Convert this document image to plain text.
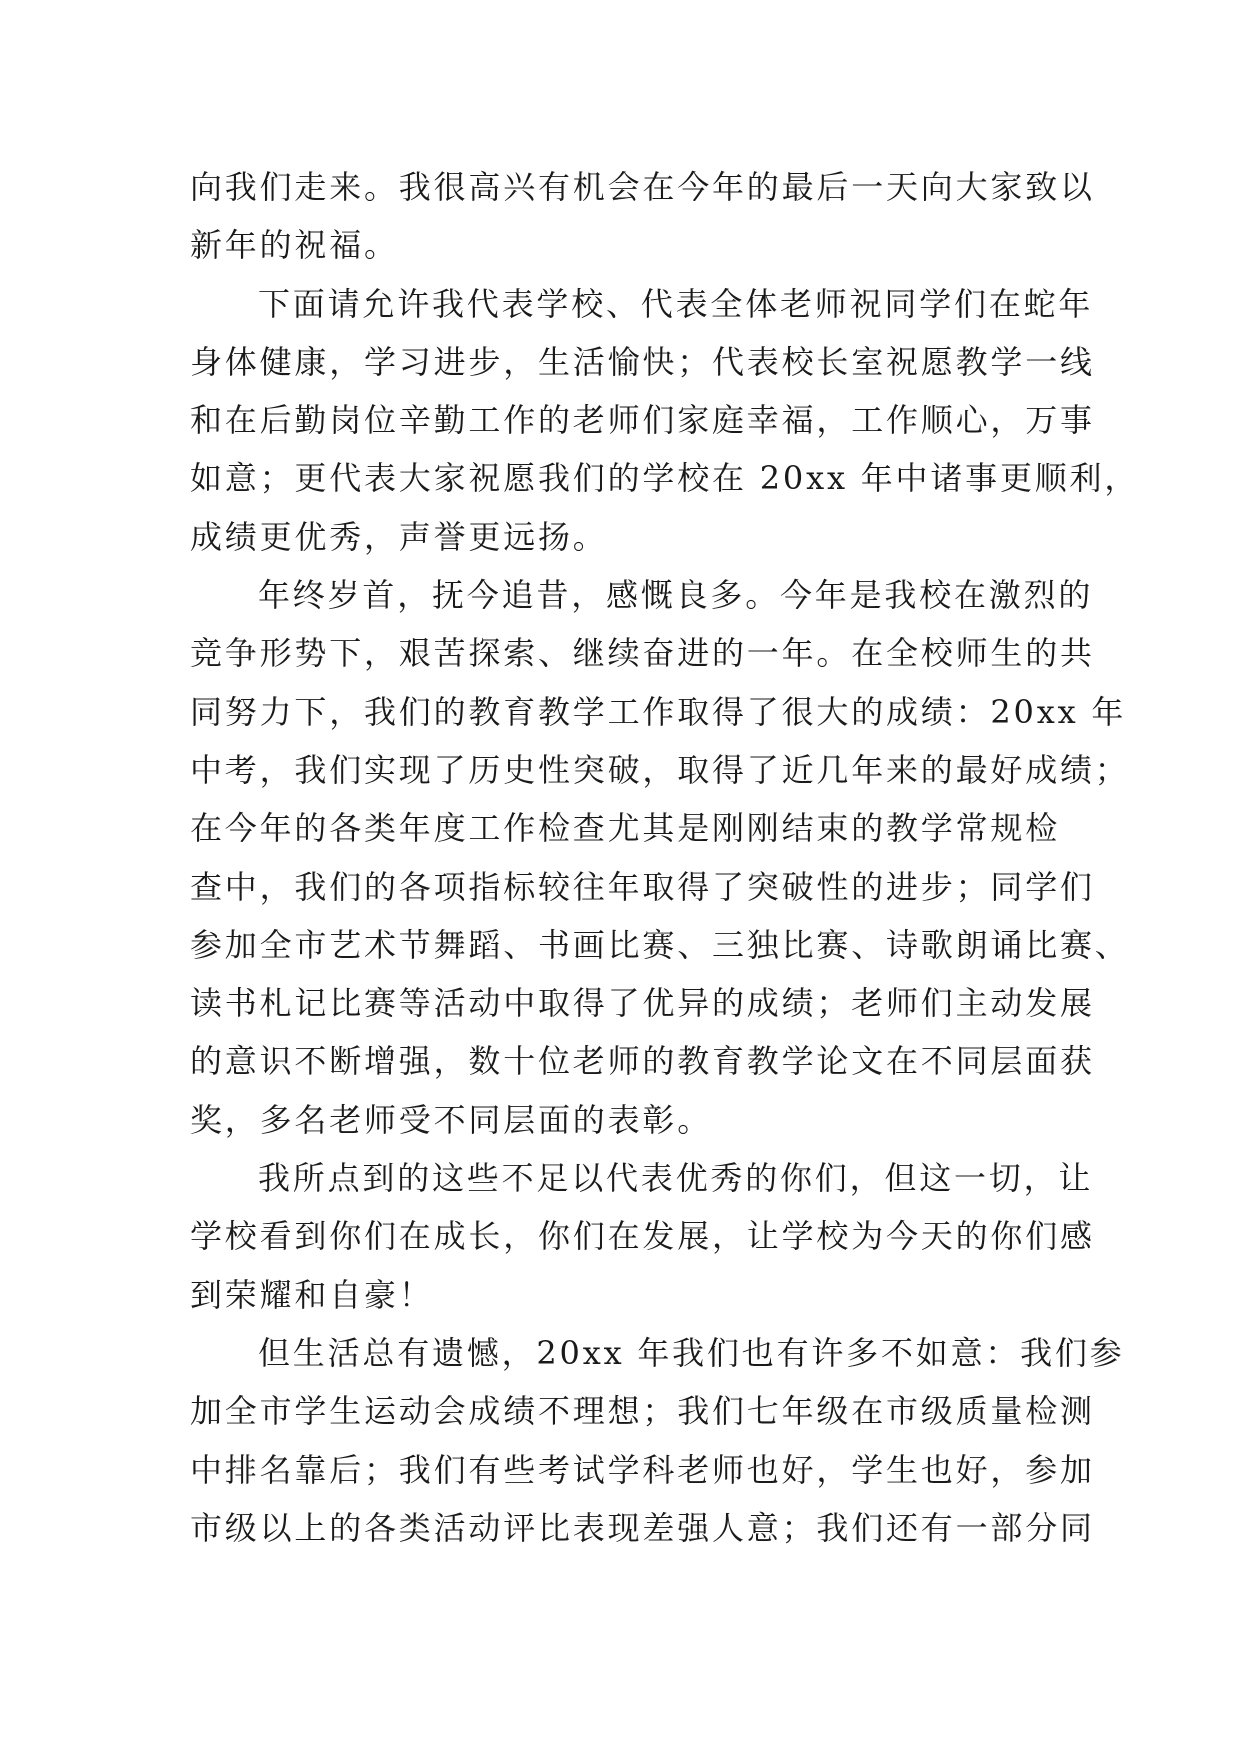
向我们走来。我很高兴有机会在今年的最后一天向大家致以
新年的祝福。
下面请允许我代表学校、代表全体老师祝同学们在蛇年
身体健康，学习进步，生活愉快；代表校长室祝愿教学一线
和在后勤岗位辛勤工作的老师们家庭幸福，工作顺心，万事
如意；更代表大家祝愿我们的学校在 20xx 年中诸事更顺利，
成绩更优秀，声誉更远扬。
年终岁首，抚今追昔，感慨良多。今年是我校在激烈的
竞争形势下，艰苦探索、继续奋进的一年。在全校师生的共
同努力下，我们的教育教学工作取得了很大的成绩：20xx 年
中考，我们实现了历史性突破，取得了近几年来的最好成绩；
在今年的各类年度工作检查尤其是刚刚结束的教学常规检
查中，我们的各项指标较往年取得了突破性的进步；同学们
参加全市艺术节舞蹈、书画比赛、三独比赛、诗歌朗诵比赛、
读书札记比赛等活动中取得了优异的成绩；老师们主动发展
的意识不断增强，数十位老师的教育教学论文在不同层面获
奖，多名老师受不同层面的表彰。
我所点到的这些不足以代表优秀的你们，但这一切，让
学校看到你们在成长，你们在发展，让学校为今天的你们感
到荣耀和自豪！
但生活总有遗憾，20xx 年我们也有许多不如意：我们参
加全市学生运动会成绩不理想；我们七年级在市级质量检测
中排名靠后；我们有些考试学科老师也好，学生也好，参加
市级以上的各类活动评比表现差强人意；我们还有一部分同
